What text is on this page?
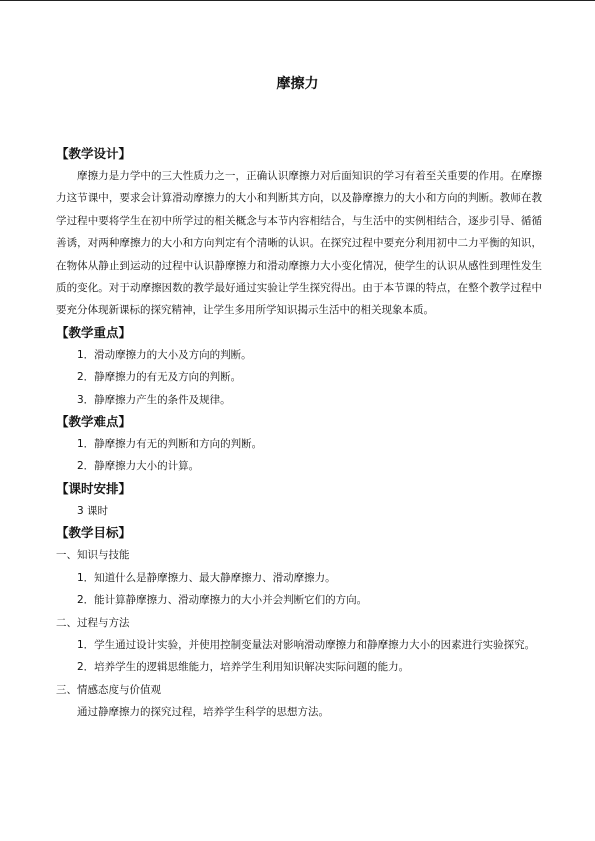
摩擦力
【教学设计】

摩擦力是力学中的三大性质力之一，正确认识摩擦力对后面知识的学习有着至关重要的作用。在摩擦力这节课中，要求会计算滑动摩擦力的大小和判断其方向，以及静摩擦力的大小和方向的判断。教师在教学过程中要将学生在初中所学过的相关概念与本节内容相结合，与生活中的实例相结合，逐步引导、循循善诱，对两种摩擦力的大小和方向判定有个清晰的认识。在探究过程中要充分利用初中二力平衡的知识，在物体从静止到运动的过程中认识静摩擦力和滑动摩擦力大小变化情况，使学生的认识从感性到理性发生质的变化。对于动摩擦因数的教学最好通过实验让学生探究得出。由于本节课的特点，在整个教学过程中要充分体现新课标的探究精神，让学生多用所学知识揭示生活中的相关现象本质。

【教学重点】
1．滑动摩擦力的大小及方向的判断。
2．静摩擦力的有无及方向的判断。
3．静摩擦力产生的条件及规律。
【教学难点】
1．静摩擦力有无的判断和方向的判断。
2．静摩擦力大小的计算。
【课时安排】
3 课时
【教学目标】
一、知识与技能
1．知道什么是静摩擦力、最大静摩擦力、滑动摩擦力。
2．能计算静摩擦力、滑动摩擦力的大小并会判断它们的方向。
二、过程与方法

1．学生通过设计实验，并使用控制变量法对影响滑动摩擦力和静摩擦力大小的因素进行实验探究。

2．培养学生的逻辑思维能力，培养学生利用知识解决实际问题的能力。
三、情感态度与价值观
通过静摩擦力的探究过程，培养学生科学的思想方法。
